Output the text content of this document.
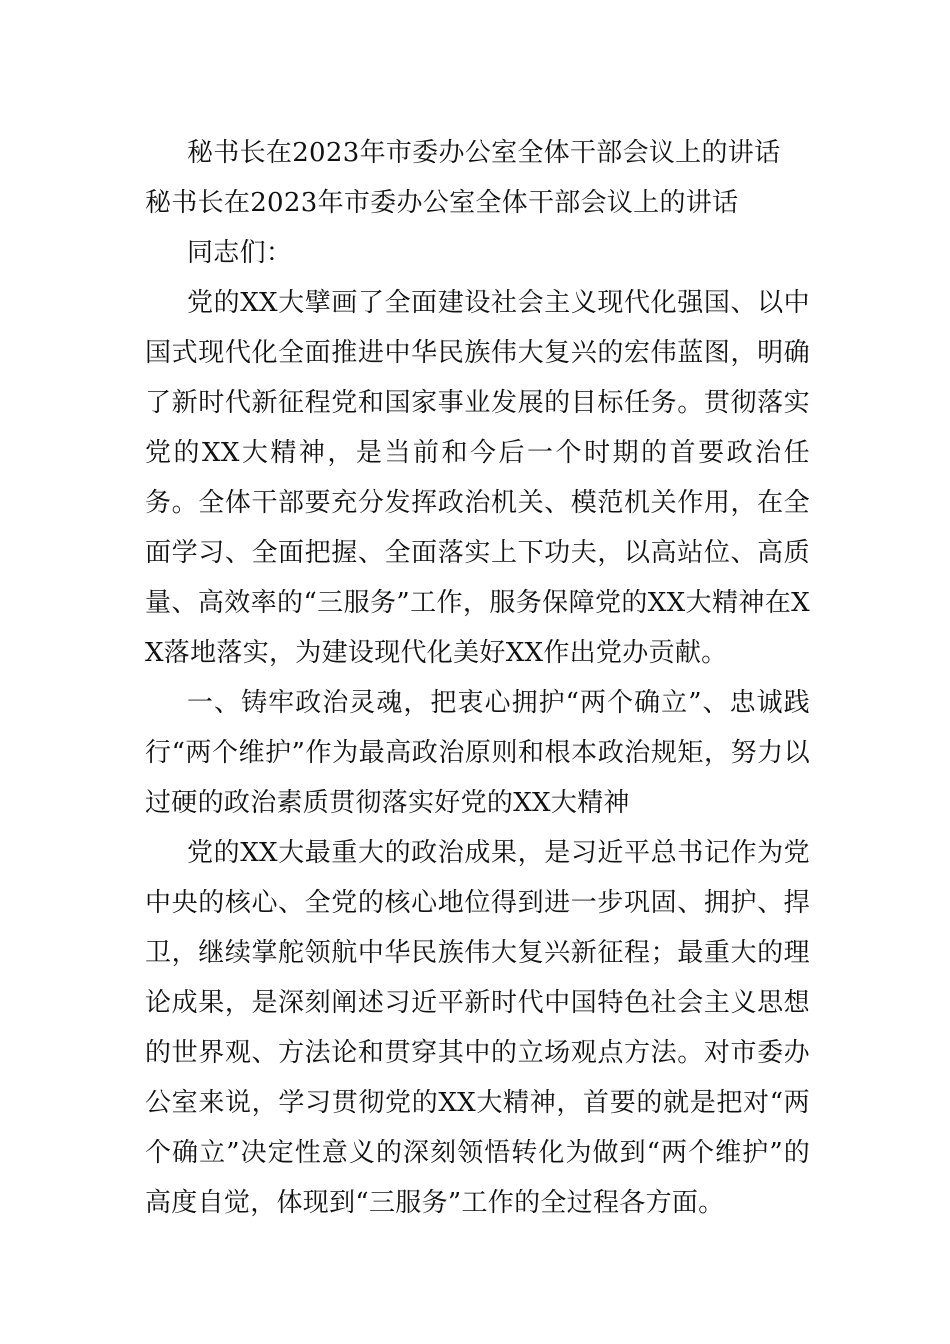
秘书长在2023年市委办公室全体干部会议上的讲话

秘书长在2023年市委办公室全体干部会议上的讲话

同志们：

党的XX大擘画了全面建设社会主义现代化强国、以中国式现代化全面推进中华民族伟大复兴的宏伟蓝图，明确了新时代新征程党和国家事业发展的目标任务。贯彻落实党的XX大精神，是当前和今后一个时期的首要政治任务。全体干部要充分发挥政治机关、模范机关作用，在全面学习、全面把握、全面落实上下功夫，以高站位、高质量、高效率的“三服务”工作，服务保障党的XX大精神在XX落地落实，为建设现代化美好XX作出党办贡献。

一、铸牢政治灵魂，把衷心拥护“两个确立”、忠诚践行“两个维护”作为最高政治原则和根本政治规矩，努力以过硬的政治素质贯彻落实好党的XX大精神

党的XX大最重大的政治成果，是习近平总书记作为党中央的核心、全党的核心地位得到进一步巩固、拥护、捍卫，继续掌舵领航中华民族伟大复兴新征程；最重大的理论成果，是深刻阐述习近平新时代中国特色社会主义思想的世界观、方法论和贯穿其中的立场观点方法。对市委办公室来说，学习贯彻党的XX大精神，首要的就是把对“两个确立”决定性意义的深刻领悟转化为做到“两个维护”的高度自觉，体现到“三服务”工作的全过程各方面。
